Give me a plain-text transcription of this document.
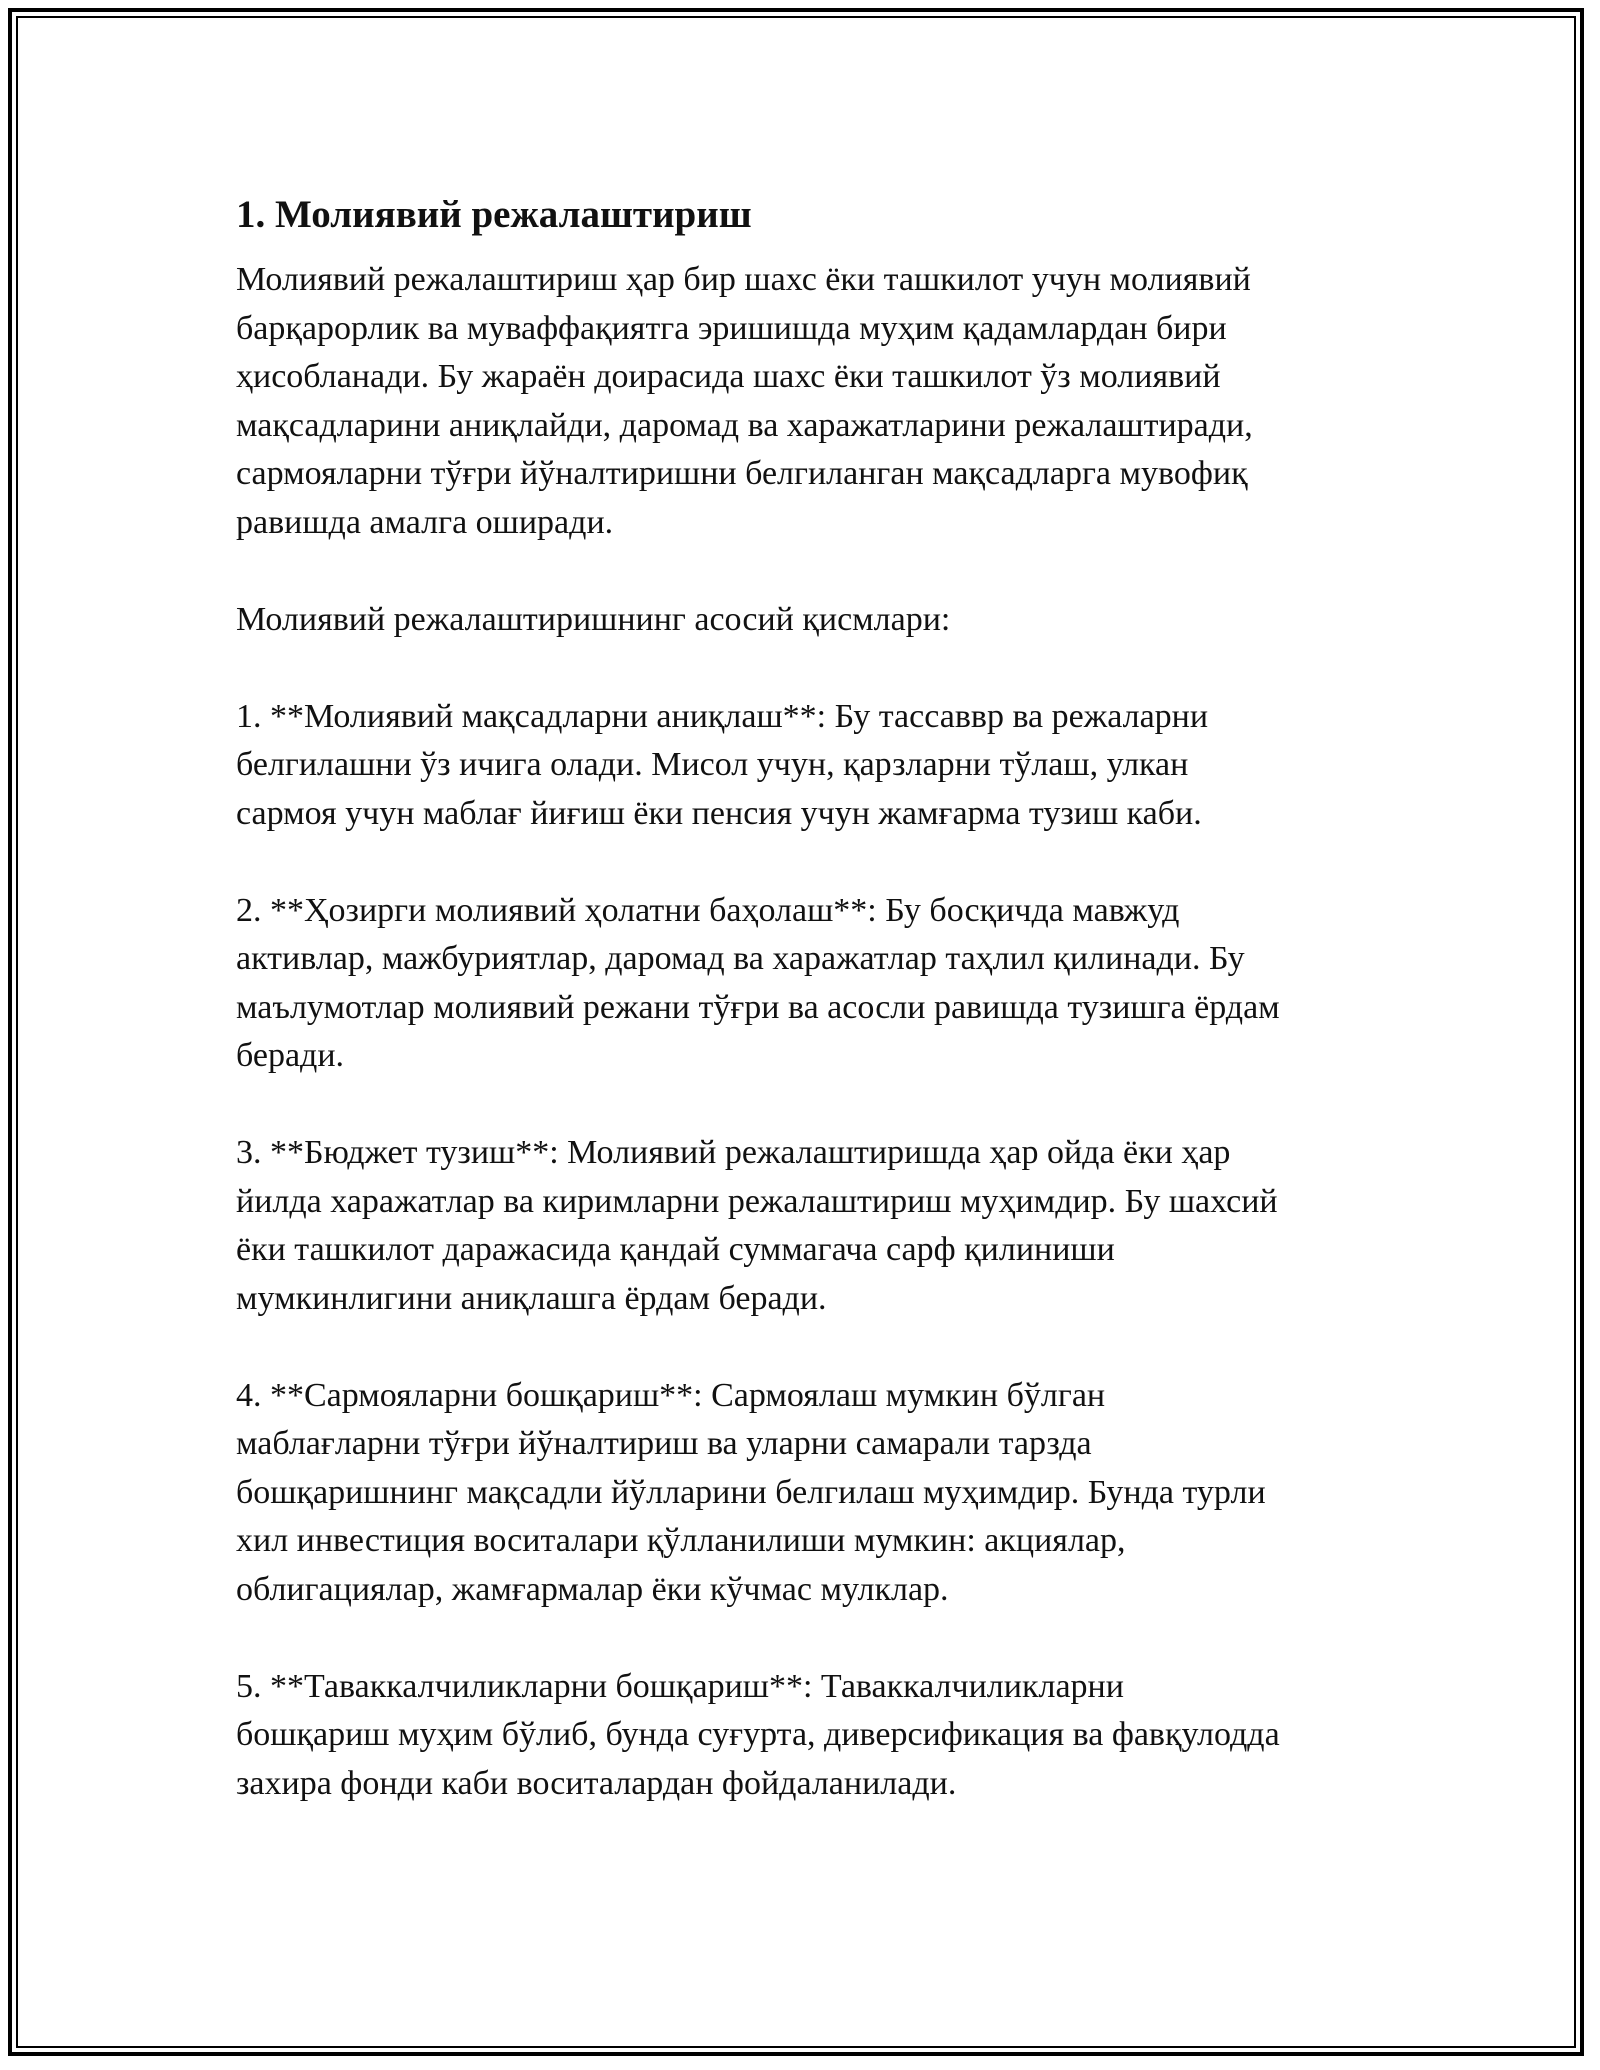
1. Молиявий режалаштириш

Молиявий режалаштириш ҳар бир шахс ёки ташкилот учун молиявий
барқарорлик ва муваффақиятга эришишда муҳим қадамлардан бири
ҳисобланади. Бу жараён доирасида шахс ёки ташкилот ўз молиявий
мақсадларини аниқлайди, даромад ва харажатларини режалаштиради,
сармояларни тўғри йўналтиришни белгиланган мақсадларга мувофиқ
равишда амалга оширади.

Молиявий режалаштиришнинг асосий қисмлари:

1. **Молиявий мақсадларни аниқлаш**: Бу тассаввр ва режаларни
белгилашни ўз ичига олади. Мисол учун, қарзларни тўлаш, улкан
сармоя учун маблағ йиғиш ёки пенсия учун жамғарма тузиш каби.

2. **Ҳозирги молиявий ҳолатни баҳолаш**: Бу босқичда мавжуд
активлар, мажбуриятлар, даромад ва харажатлар таҳлил қилинади. Бу
маълумотлар молиявий режани тўғри ва асосли равишда тузишга ёрдам
беради.

3. **Бюджет тузиш**: Молиявий режалаштиришда ҳар ойда ёки ҳар
йилда харажатлар ва киримларни режалаштириш муҳимдир. Бу шахсий
ёки ташкилот даражасида қандай суммагача сарф қилиниши
мумкинлигини аниқлашга ёрдам беради.

4. **Сармояларни бошқариш**: Сармоялаш мумкин бўлган
маблағларни тўғри йўналтириш ва уларни самарали тарзда
бошқаришнинг мақсадли йўлларини белгилаш муҳимдир. Бунда турли
хил инвестиция воситалари қўлланилиши мумкин: акциялар,
облигациялар, жамғармалар ёки кўчмас мулклар.

5. **Таваккалчиликларни бошқариш**: Таваккалчиликларни
бошқариш муҳим бўлиб, бунда суғурта, диверсификация ва фавқулодда
захира фонди каби воситалардан фойдаланилади.
